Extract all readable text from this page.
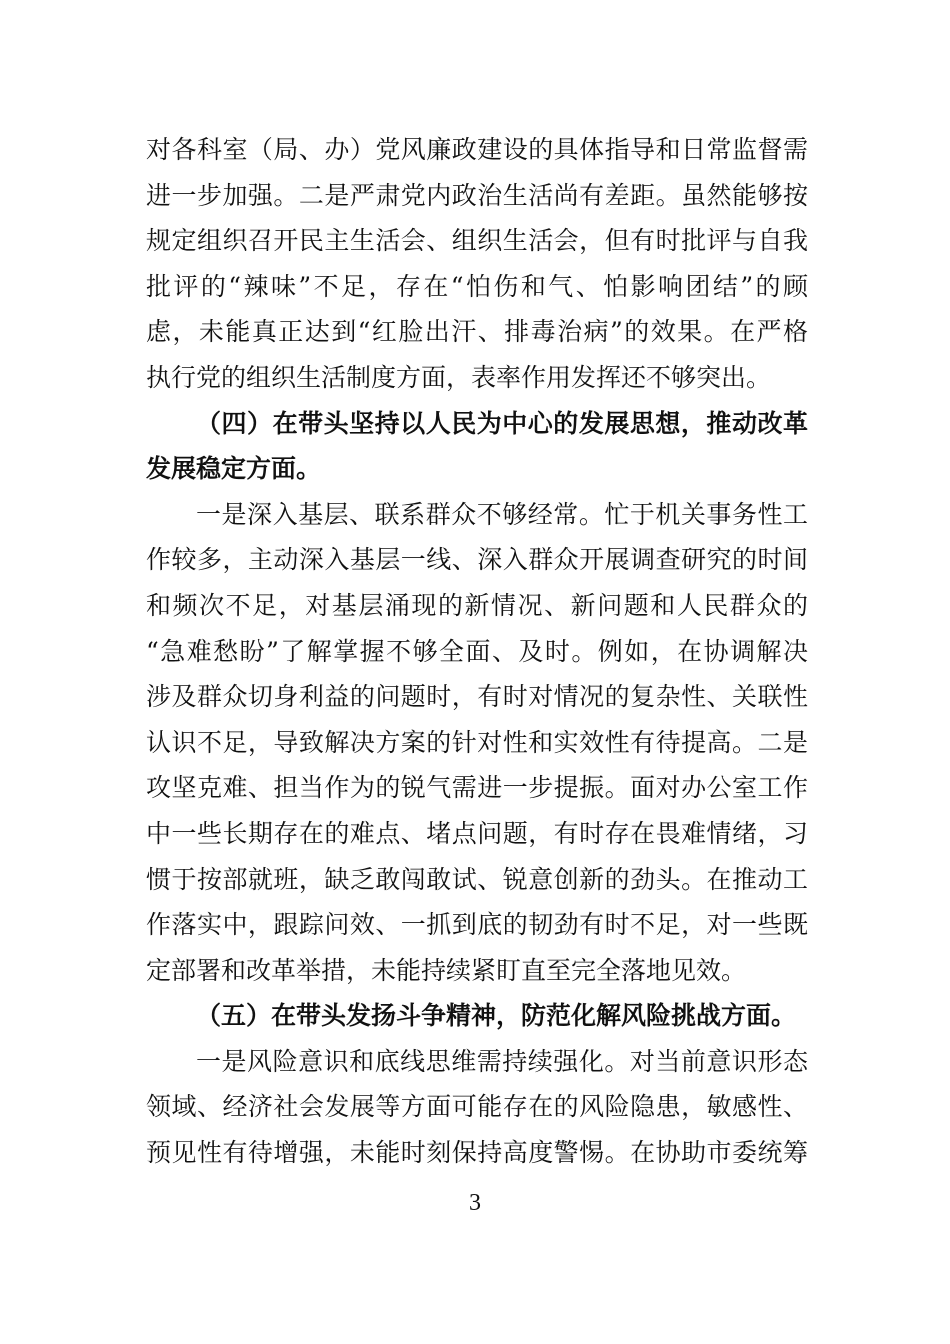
对各科室（局、办）党风廉政建设的具体指导和日常监督需
进一步加强。二是严肃党内政治生活尚有差距。虽然能够按
规定组织召开民主生活会、组织生活会，但有时批评与自我
批评的“辣味”不足，存在“怕伤和气、怕影响团结”的顾
虑，未能真正达到“红脸出汗、排毒治病”的效果。在严格
执行党的组织生活制度方面，表率作用发挥还不够突出。
（四）在带头坚持以人民为中心的发展思想，推动改革
发展稳定方面。
一是深入基层、联系群众不够经常。忙于机关事务性工
作较多，主动深入基层一线、深入群众开展调查研究的时间
和频次不足，对基层涌现的新情况、新问题和人民群众的
“急难愁盼”了解掌握不够全面、及时。例如，在协调解决
涉及群众切身利益的问题时，有时对情况的复杂性、关联性
认识不足，导致解决方案的针对性和实效性有待提高。二是
攻坚克难、担当作为的锐气需进一步提振。面对办公室工作
中一些长期存在的难点、堵点问题，有时存在畏难情绪，习
惯于按部就班，缺乏敢闯敢试、锐意创新的劲头。在推动工
作落实中，跟踪问效、一抓到底的韧劲有时不足，对一些既
定部署和改革举措，未能持续紧盯直至完全落地见效。
（五）在带头发扬斗争精神，防范化解风险挑战方面。
一是风险意识和底线思维需持续强化。对当前意识形态
领域、经济社会发展等方面可能存在的风险隐患，敏感性、
预见性有待增强，未能时刻保持高度警惕。在协助市委统筹
3
